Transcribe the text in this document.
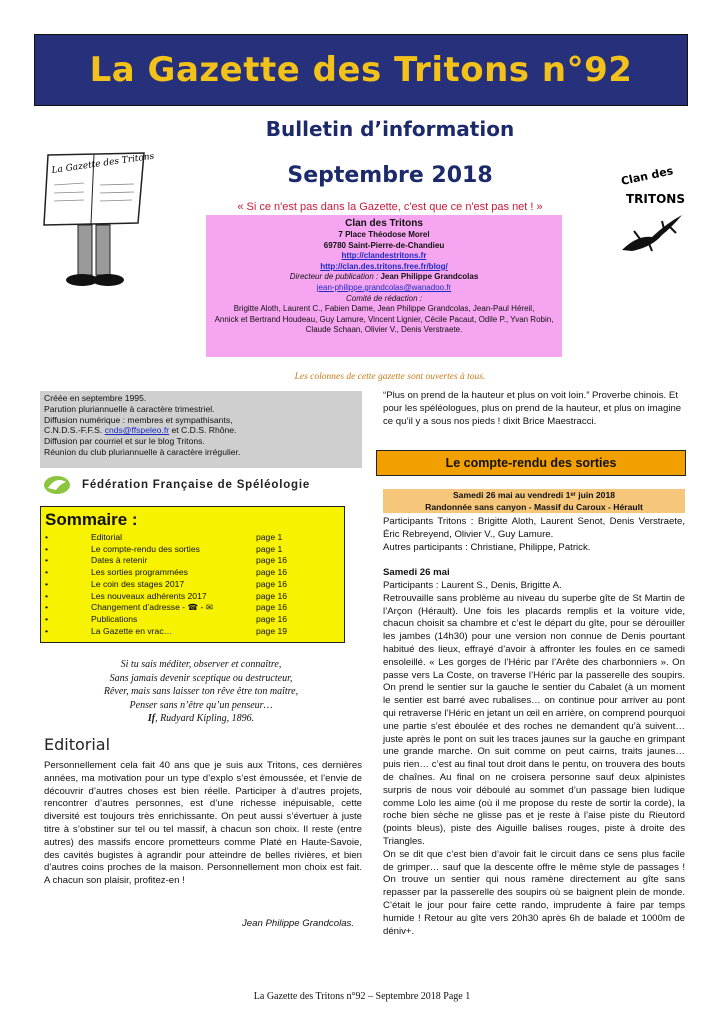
La Gazette des Tritons n°92
La Gazette des Tritons
Clan des
TRITONS
Bulletin d’information
Septembre 2018
« Si ce n'est pas dans la Gazette, c'est que ce n'est pas net ! »
Clan des Tritons
7 Place Théodose Morel
69780 Saint-Pierre-de-Chandieu
http://clandestritons.fr
http://clan.des.tritons.free.fr/blog/
Directeur de publication : Jean Philippe Grandcolas
jean-philippe.grandcolas@wanadoo.fr
Comité de rédaction :
Brigitte Aloth, Laurent C., Fabien Dame, Jean Philippe Grandcolas, Jean-Paul Héreil,
Annick et Bertrand Houdeau, Guy Lamure, Vincent Lignier, Cécile Pacaut, Odile P., Yvan Robin,
Claude Schaan, Olivier V., Denis Verstraete.
Les colonnes de cette gazette sont ouvertes à tous.
Créée en septembre 1995.
Parution pluriannuelle à caractère trimestriel.
Diffusion numérique : membres et sympathisants,
C.N.D.S.-F.F.S. cnds@ffspeleo.fr et C.D.S. Rhône.
Diffusion par courriel et sur le blog Tritons.
Réunion du club pluriannuelle à caractère irrégulier.
Fédération Française de Spéléologie
Sommaire :
•	Editorial	page 1
•	Le compte-rendu des sorties	page 1
•	Dates à retenir	page 16
•	Les sorties programmées	page 16
•	Le coin des stages 2017	page 16
•	Les nouveaux adhérents 2017	page 16
•	Changement d’adresse - ☎ - ✉	page 16
•	Publications	page 16
•	La Gazette en vrac…	page 19
Si tu sais méditer, observer et connaître,
Sans jamais devenir sceptique ou destructeur,
Rêver, mais sans laisser ton rêve être ton maître,
Penser sans n’être qu’un penseur…
If, Rudyard Kipling, 1896.
Editorial
Personnellement cela fait 40 ans que je suis aux Tritons, ces dernières années, ma motivation pour un type d’explo s’est émoussée, et l’envie de découvrir d’autres choses est bien réelle. Participer à d’autres projets, rencontrer d’autres personnes, est d’une richesse inépuisable, cette diversité est toujours très enrichissante. On peut aussi s’évertuer à juste titre à s’obstiner sur tel ou tel massif, à chacun son choix. Il reste (entre autres) des massifs encore prometteurs comme Platé en Haute-Savoie, des cavités bugistes à agrandir pour atteindre de belles rivières, et bien d’autres coins proches de la maison. Personnellement mon choix est fait. A chacun son plaisir, profitez-en !
Jean Philippe Grandcolas.
“Plus on prend de la hauteur et plus on voit loin.” Proverbe chinois. Et pour les spéléologues, plus on prend de la hauteur, et plus on imagine ce qu’il y a sous nos pieds ! dixit Brice Maestracci.
Le compte-rendu des sorties
Samedi 26 mai au vendredi 1ᵉʳ juin 2018
Randonnée sans canyon - Massif du Caroux - Hérault

Participants Tritons : Brigitte Aloth, Laurent Senot, Denis Verstraete, Éric Rebreyend, Olivier V., Guy Lamure.

Autres participants : Christiane, Philippe, Patrick.

Samedi 26 mai

Participants : Laurent S., Denis, Brigitte A.

Retrouvaille sans problème au niveau du superbe gîte de St Martin de l’Arçon (Hérault). Une fois les placards remplis et la voiture vide, chacun choisit sa chambre et c’est le départ du gîte, pour se dérouiller les jambes (14h30) pour une version non connue de Denis pourtant habitué des lieux, effrayé d’avoir à affronter les foules en ce samedi ensoleillé. « Les gorges de l’Héric par l’Arête des charbonniers ». On passe vers La Coste, on traverse l’Héric par la passerelle des soupirs. On prend le sentier sur la gauche le sentier du Cabalet (à un moment le sentier est barré avec rubalises… on continue pour arriver au pont qui retraverse l’Héric en jetant un œil en arrière, on comprend pourquoi une partie s’est éboulée et des roches ne demandent qu’à suivent… juste après le pont on suit les traces jaunes sur la gauche en grimpant une grande marche. On suit comme on peut cairns, traits jaunes… puis rien… c’est au final tout droit dans le pentu, on trouvera des bouts de chaînes. Au final on ne croisera personne sauf deux alpinistes surpris de nous voir déboulé au sommet d’un passage bien ludique comme Lolo les aime (où il me propose du reste de sortir la corde), la roche bien sèche ne glisse pas et je reste à l’aise piste du Rieutord (points bleus), piste des Aiguille balises rouges, piste à droite des Triangles.

On se dit que c’est bien d’avoir fait le circuit dans ce sens plus facile de grimper… sauf que la descente offre le même style de passages ! On trouve un sentier qui nous ramène directement au gîte sans repasser par la passerelle des soupirs où se baignent plein de monde. C’était le jour pour faire cette rando, imprudente à faire par temps humide ! Retour au gîte vers 20h30 après 6h de balade et 1000m de déniv+.

La Gazette des Tritons n°92 – Septembre 2018 Page 1
